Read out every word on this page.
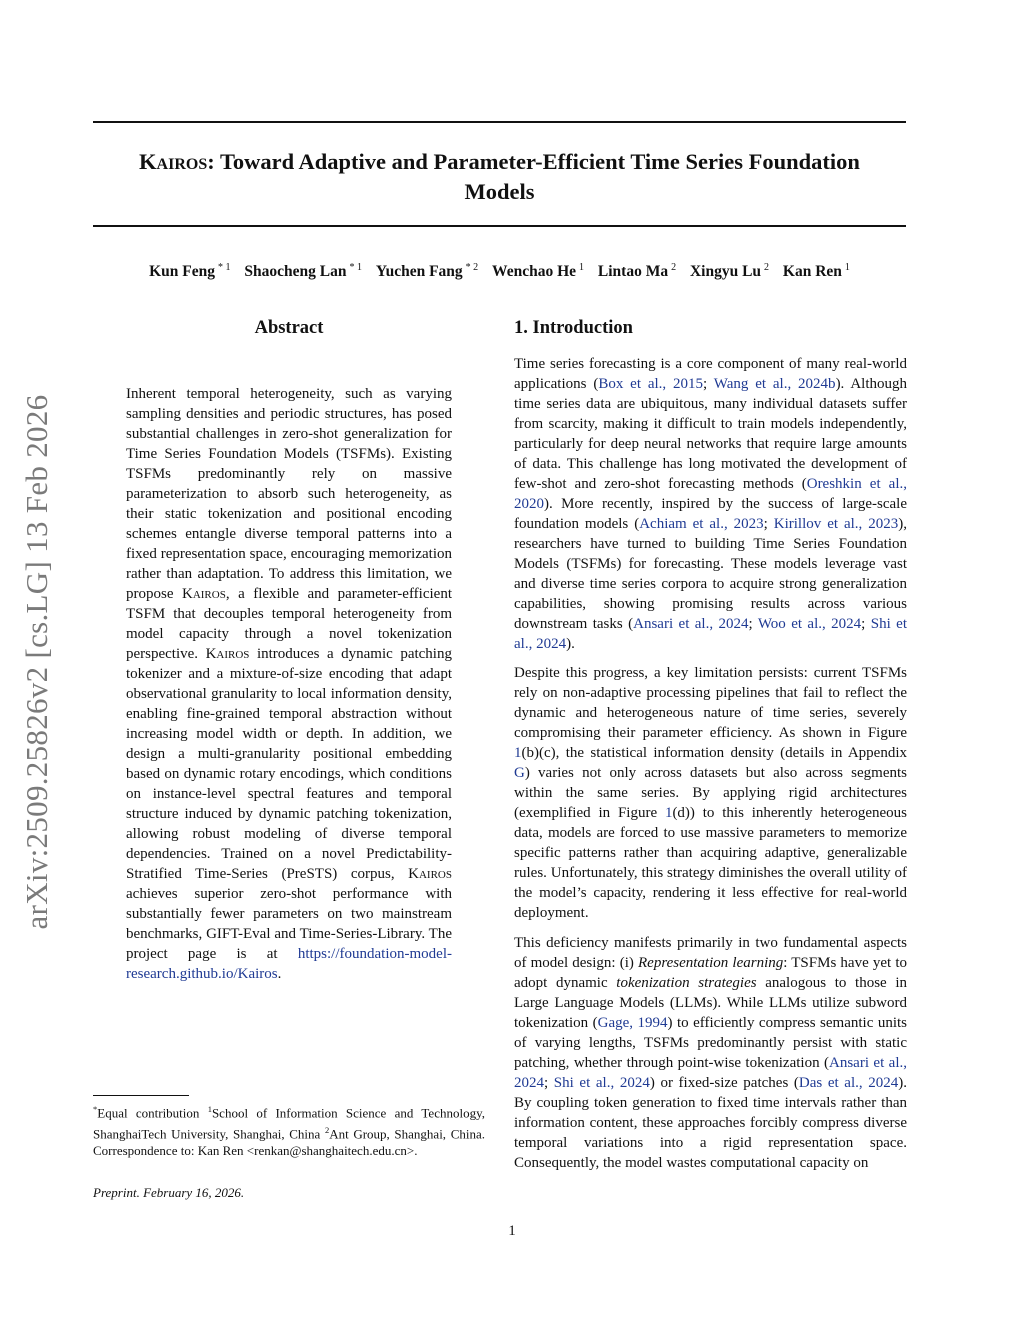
arXiv:2509.25826v2 [cs.LG] 13 Feb 2026
Kairos: Toward Adaptive and Parameter-Efficient Time Series Foundation
Models
Kun Feng $^{* 1}$ Shaocheng Lan $^{* 1}$ Yuchen Fang $^{* 2}$ Wenchao He $^1$ Lintao Ma $^2$ Xingyu Lu $^2$ Kan Ren $^1$
Abstract
Inherent temporal heterogeneity, such as varying sampling densities and periodic structures, has posed substantial challenges in zero-shot generalization for Time Series Foundation Models (TSFMs). Existing TSFMs predominantly rely on massive parameterization to absorb such heterogeneity, as their static tokenization and positional encoding schemes entangle diverse temporal patterns into a fixed representation space, encouraging memorization rather than adaptation. To address this limitation, we propose Kairos, a flexible and parameter-efficient TSFM that decouples temporal heterogeneity from model capacity through a novel tokenization perspective. Kairos introduces a dynamic patching tokenizer and a mixture-of-size encoding that adapt observational granularity to local information density, enabling fine-grained temporal abstraction without increasing model width or depth. In addition, we design a multi-granularity positional embedding based on dynamic rotary encodings, which conditions on instance-level spectral features and temporal structure induced by dynamic patching tokenization, allowing robust modeling of diverse temporal dependencies. Trained on a novel Predictability-Stratified Time-Series (PreSTS) corpus, Kairos achieves superior zero-shot performance with substantially fewer parameters on two mainstream benchmarks, GIFT-Eval and Time-Series-Library. The project page is at https://foundation-model-research.github.io/Kairos.
1. Introduction
Time series forecasting is a core component of many real-world applications (Box et al., 2015; Wang et al., 2024b). Although time series data are ubiquitous, many individual datasets suffer from scarcity, making it difficult to train models independently, particularly for deep neural networks that require large amounts of data. This challenge has long motivated the development of few-shot and zero-shot forecasting methods (Oreshkin et al., 2020). More recently, inspired by the success of large-scale foundation models (Achiam et al., 2023; Kirillov et al., 2023), researchers have turned to building Time Series Foundation Models (TSFMs) for forecasting. These models leverage vast and diverse time series corpora to acquire strong generalization capabilities, showing promising results across various downstream tasks (Ansari et al., 2024; Woo et al., 2024; Shi et al., 2024).
Despite this progress, a key limitation persists: current TSFMs rely on non-adaptive processing pipelines that fail to reflect the dynamic and heterogeneous nature of time series, severely compromising their parameter efficiency. As shown in Figure 1(b)(c), the statistical information density (details in Appendix G) varies not only across datasets but also across segments within the same series. By applying rigid architectures (exemplified in Figure 1(d)) to this inherently heterogeneous data, models are forced to use massive parameters to memorize specific patterns rather than acquiring adaptive, generalizable rules. Unfortunately, this strategy diminishes the overall utility of the model’s capacity, rendering it less effective for real-world deployment.
This deficiency manifests primarily in two fundamental aspects of model design: (i) Representation learning: TSFMs have yet to adopt dynamic tokenization strategies analogous to those in Large Language Models (LLMs). While LLMs utilize subword tokenization (Gage, 1994) to efficiently compress semantic units of varying lengths, TSFMs predominantly persist with static patching, whether through point-wise tokenization (Ansari et al., 2024; Shi et al., 2024) or fixed-size patches (Das et al., 2024). By coupling token generation to fixed time intervals rather than information content, these approaches forcibly compress diverse temporal variations into a rigid representation space. Consequently, the model wastes computational capacity on
*Equal contribution $^1$School of Information Science and Technology, ShanghaiTech University, Shanghai, China $^2$Ant Group, Shanghai, China. Correspondence to: Kan Ren <renkan@shanghaitech.edu.cn>.
Preprint. February 16, 2026.
1
